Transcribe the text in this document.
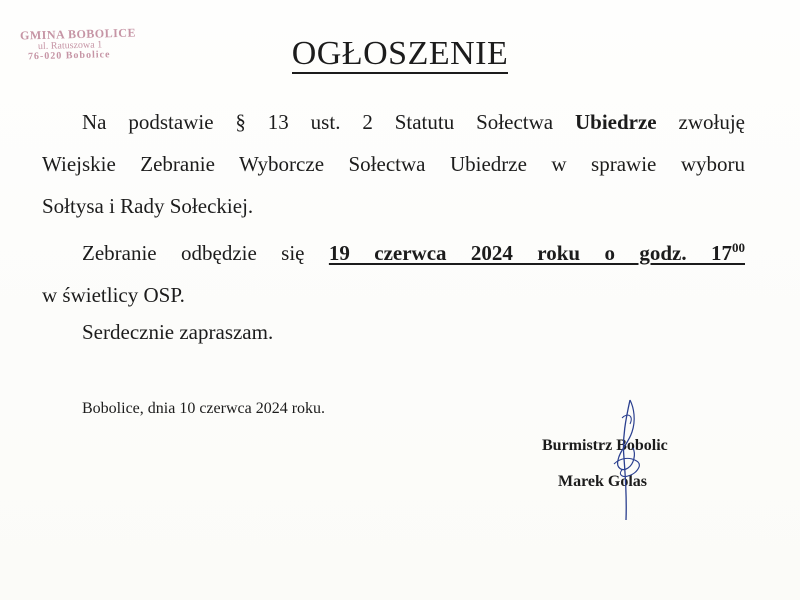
GMINA BOBOLICE
ul. Ratuszowa 1
76-020 Bobolice	OGŁOSZENIE
Na podstawie § 13 ust. 2 Statutu Sołectwa Ubiedrze zwołuję
Wiejskie Zebranie Wyborcze Sołectwa Ubiedrze w sprawie wyboru
Sołtysa i Rady Sołeckiej.
Zebranie odbędzie się 19 czerwca 2024 roku o godz. $17^{00}$
w świetlicy OSP.
Serdecznie zapraszam.
Bobolice, dnia 10 czerwca 2024 roku.
Burmistrz Bobolic
Marek Golas
